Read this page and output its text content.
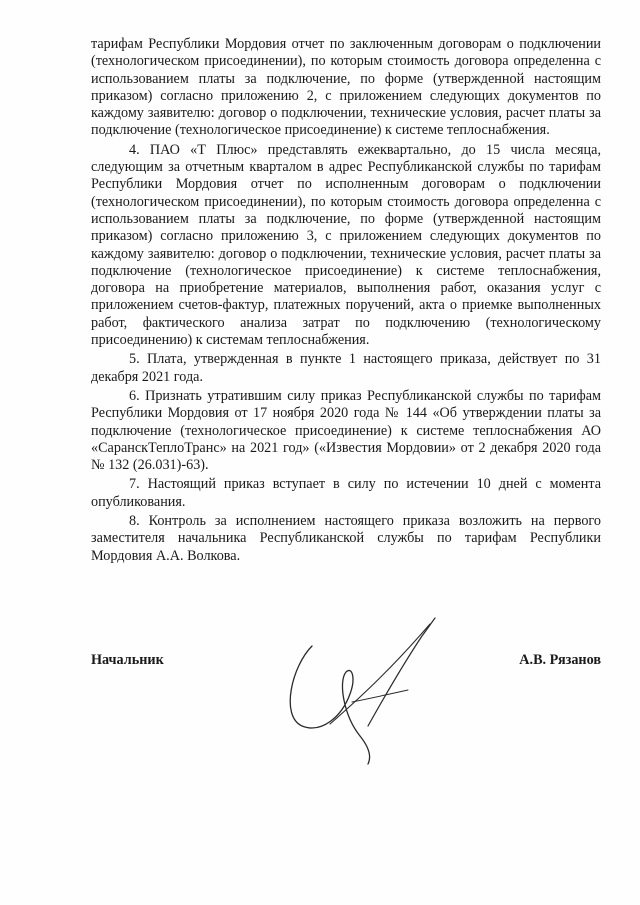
тарифам Республики Мордовия отчет по заключенным договорам о подключении (технологическом присоединении), по которым стоимость договора определенна с использованием платы за подключение, по форме (утвержденной настоящим приказом) согласно приложению 2, с приложением следующих документов по каждому заявителю: договор о подключении, технические условия, расчет платы за подключение (технологическое присоединение) к системе теплоснабжения.

4. ПАО «Т Плюс» представлять ежеквартально, до 15 числа месяца, следующим за отчетным кварталом в адрес Республиканской службы по тарифам Республики Мордовия отчет по исполненным договорам о подключении (технологическом присоединении), по которым стоимость договора определенна с использованием платы за подключение, по форме (утвержденной настоящим приказом) согласно приложению 3, с приложением следующих документов по каждому заявителю: договор о подключении, технические условия, расчет платы за подключение (технологическое присоединение) к системе теплоснабжения, договора на приобретение материалов, выполнения работ, оказания услуг с приложением счетов-фактур, платежных поручений, акта о приемке выполненных работ, фактического анализа затрат по подключению (технологическому присоединению) к системам теплоснабжения.

5. Плата, утвержденная в пункте 1 настоящего приказа, действует по 31 декабря 2021 года.

6. Признать утратившим силу приказ Республиканской службы по тарифам Республики Мордовия от 17 ноября 2020 года № 144 «Об утверждении платы за подключение (технологическое присоединение) к системе теплоснабжения АО «СаранскТеплоТранс» на 2021 год» («Известия Мордовии» от 2 декабря 2020 года № 132 (26.031)-63).

7. Настоящий приказ вступает в силу по истечении 10 дней с момента опубликования.

8. Контроль за исполнением настоящего приказа возложить на первого заместителя начальника Республиканской службы по тарифам Республики Мордовия А.А. Волкова.

Начальник	А.В. Рязанов
